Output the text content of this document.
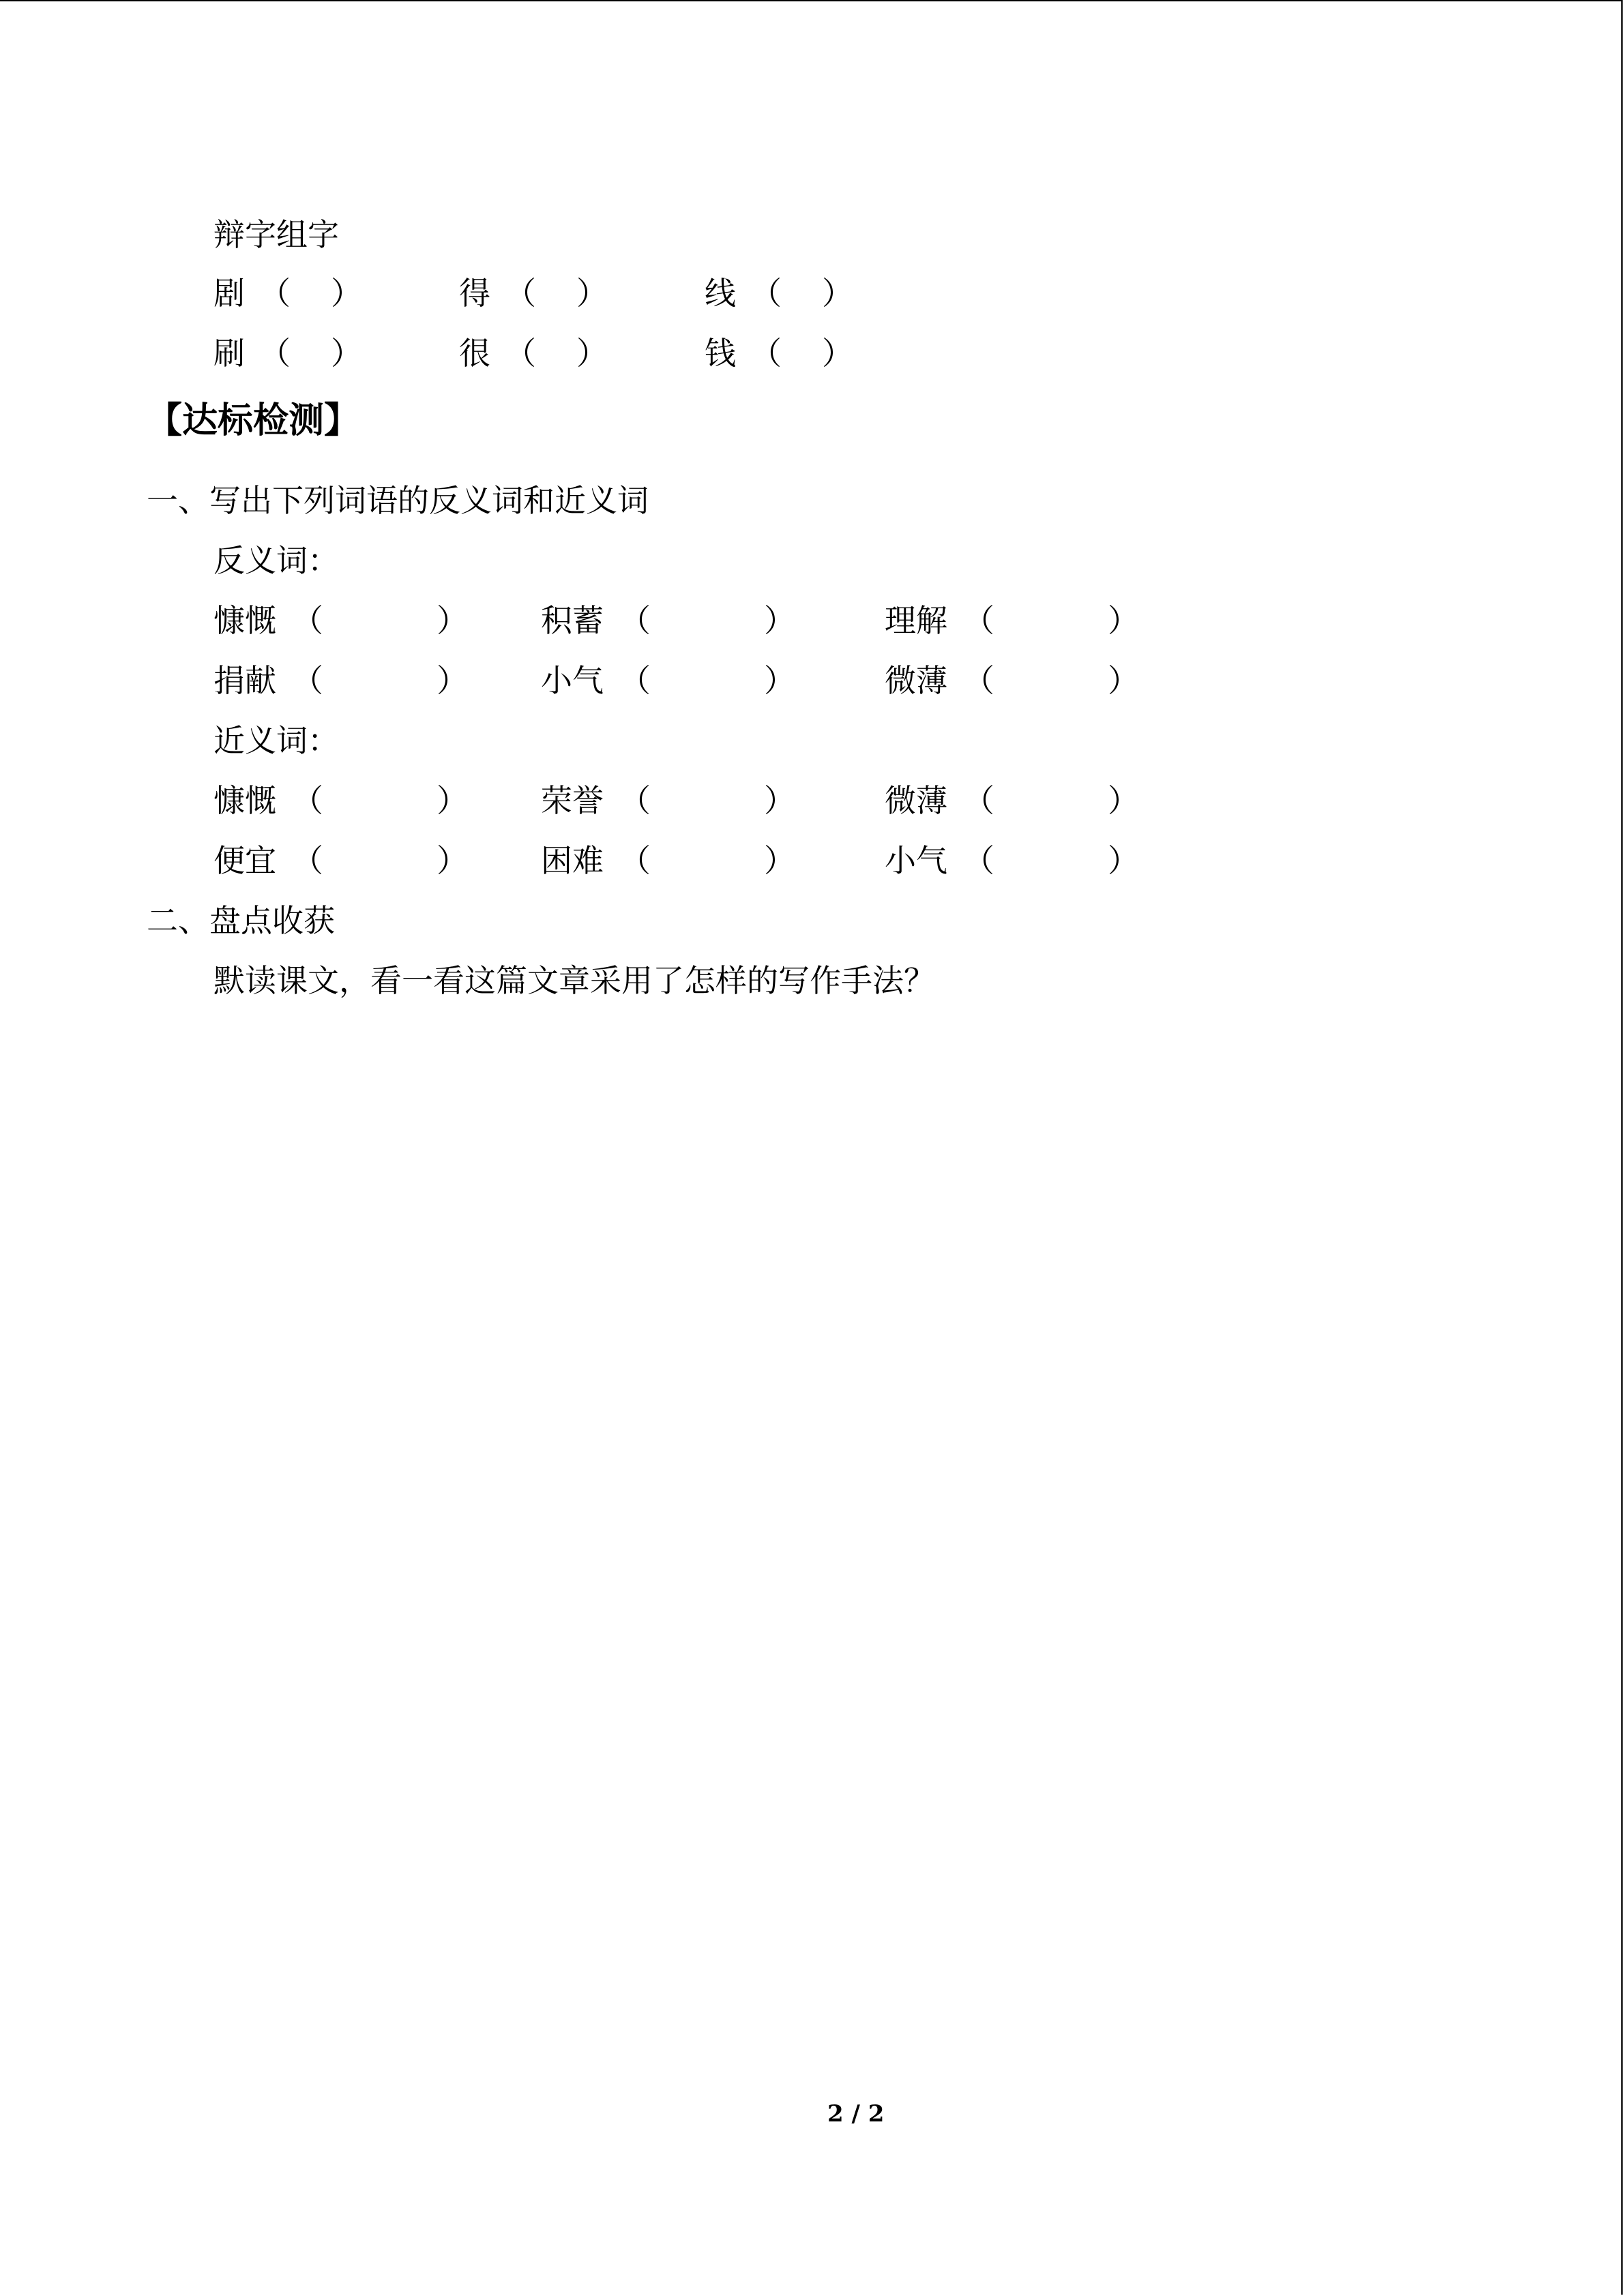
辩字组字
剧 （ ）	得 （ ）	线 （ ）
刷 （ ）	很 （ ）	钱 （ ）
【达标检测】
一、写出下列词语的反义词和近义词
反义词：
慷慨 （	） 积蓄 （	）	理解 （	）
捐献 （	） 小气 （	）	微薄 （	）
近义词：
慷慨 （	） 荣誉 （	）	微薄 （	）
便宜 （	） 困难 （	）	小气 （	）
二、盘点收获
默读课文，看一看这篇文章采用了怎样的写作手法？
2 / 2
